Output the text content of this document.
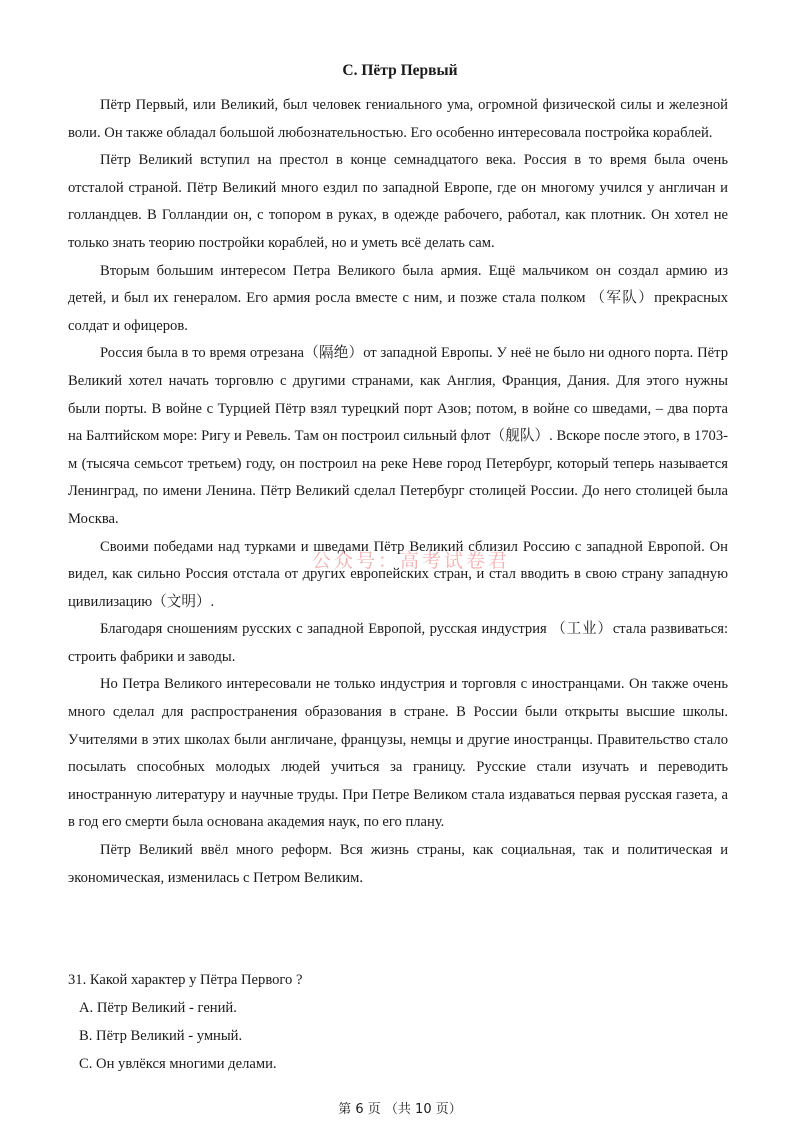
С. Пётр Первый

Пётр Первый, или Великий, был человек гениального ума, огромной физической силы и железной воли. Он также обладал большой любознательностью. Его особенно интересовала постройка кораблей.

Пётр Великий вступил на престол в конце семнадцатого века. Россия в то время была очень отсталой страной. Пётр Великий много ездил по западной Европе, где он многому учился у англичан и голландцев. В Голландии он, с топором в руках, в одежде рабочего, работал, как плотник. Он хотел не только знать теорию постройки кораблей, но и уметь всё делать сам.

Вторым большим интересом Петра Великого была армия. Ещё мальчиком он создал армию из детей, и был их генералом. Его армия росла вместе с ним, и позже стала полком （军队）прекрасных солдат и офицеров.

Россия была в то время отрезана（隔绝）от западной Европы. У неё не было ни одного порта. Пётр Великий хотел начать торговлю с другими странами, как Англия, Франция, Дания. Для этого нужны были порты. В войне с Турцией Пётр взял турецкий порт Азов; потом, в войне со шведами, – два порта на Балтийском море: Ригу и Ревель. Там он построил сильный флот（舰队）. Вскоре после этого, в 1703-м (тысяча семьсот третьем) году, он построил на реке Неве город Петербург, который теперь называется Ленинград, по имени Ленина. Пётр Великий сделал Петербург столицей России. До него столицей была Москва.

Своими победами над турками и шведами Пётр Великий сблизил Россию с западной Европой. Он видел, как сильно Россия отстала от других европейских стран, и стал вводить в свою страну западную цивилизацию（文明）.

Благодаря сношениям русских с западной Европой, русская индустрия （工业）стала развиваться: строить фабрики и заводы.

Но Петра Великого интересовали не только индустрия и торговля с иностранцами. Он также очень много сделал для распространения образования в стране. В России были открыты высшие школы. Учителями в этих школах были англичане, французы, немцы и другие иностранцы. Правительство стало посылать способных молодых людей учиться за границу. Русские стали изучать и переводить иностранную литературу и научные труды. При Петре Великом стала издаваться первая русская газета, а в год его смерти была основана академия наук, по его плану.

Пётр Великий ввёл много реформ. Вся жизнь страны, как социальная, так и политическая и экономическая, изменилась с Петром Великим.

公众号：高考试卷君

31. Какой характер у Пётра Первого ?

A. Пётр Великий - гений.

B. Пётр Великий - умный.

C. Он увлёкся многими делами.

第 6 页 （共 10 页）
